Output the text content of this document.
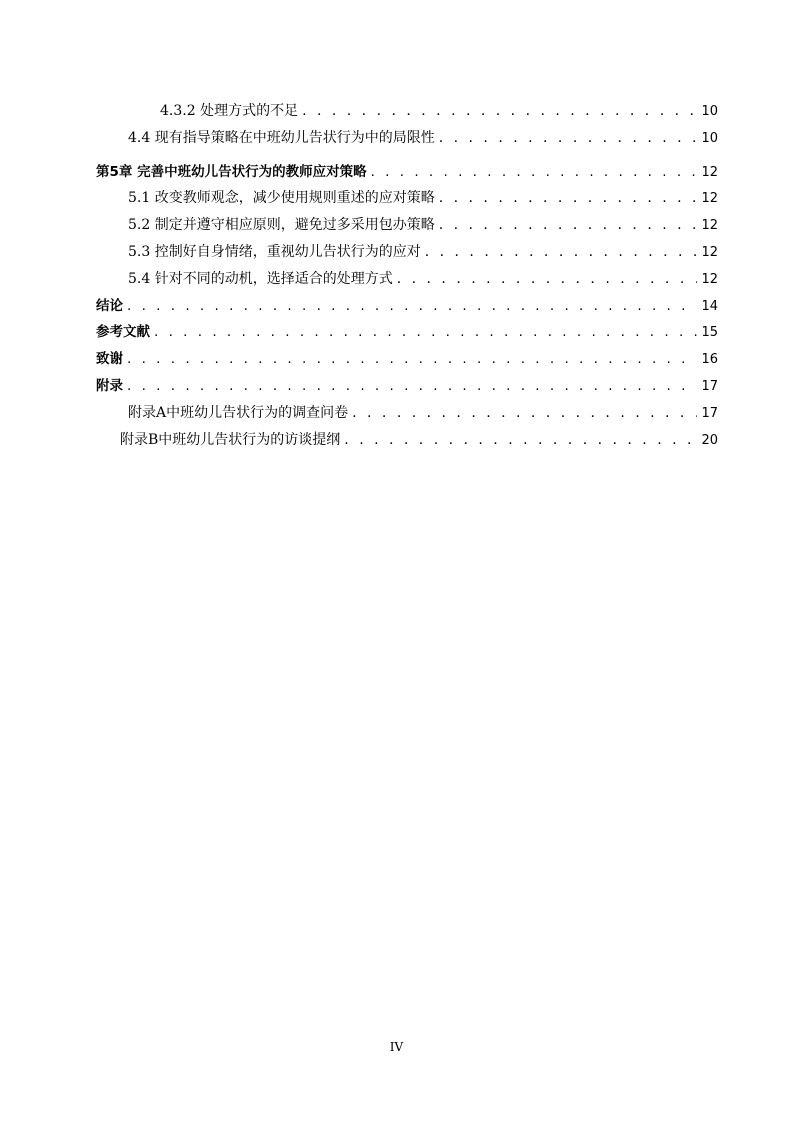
4.3.2 处理方式的不足 . . .	10
4.4 现有指导策略在中班幼儿告状行为中的局限性 . . .	10
第5章 完善中班幼儿告状行为的教师应对策略 . . .	12
5.1 改变教师观念，减少使用规则重述的应对策略 . . .	12
5.2 制定并遵守相应原则，避免过多采用包办策略 . . .	12
5.3 控制好自身情绪，重视幼儿告状行为的应对 . . .	12
5.4 针对不同的动机，选择适合的处理方式 . . .	12
结论 . . .	14
参考文献 . . .	15
致谢 . . .	16
附录 . . .	17
附录A中班幼儿告状行为的调查问卷 . . .	17
附录B中班幼儿告状行为的访谈提纲 . . .	20
IV
